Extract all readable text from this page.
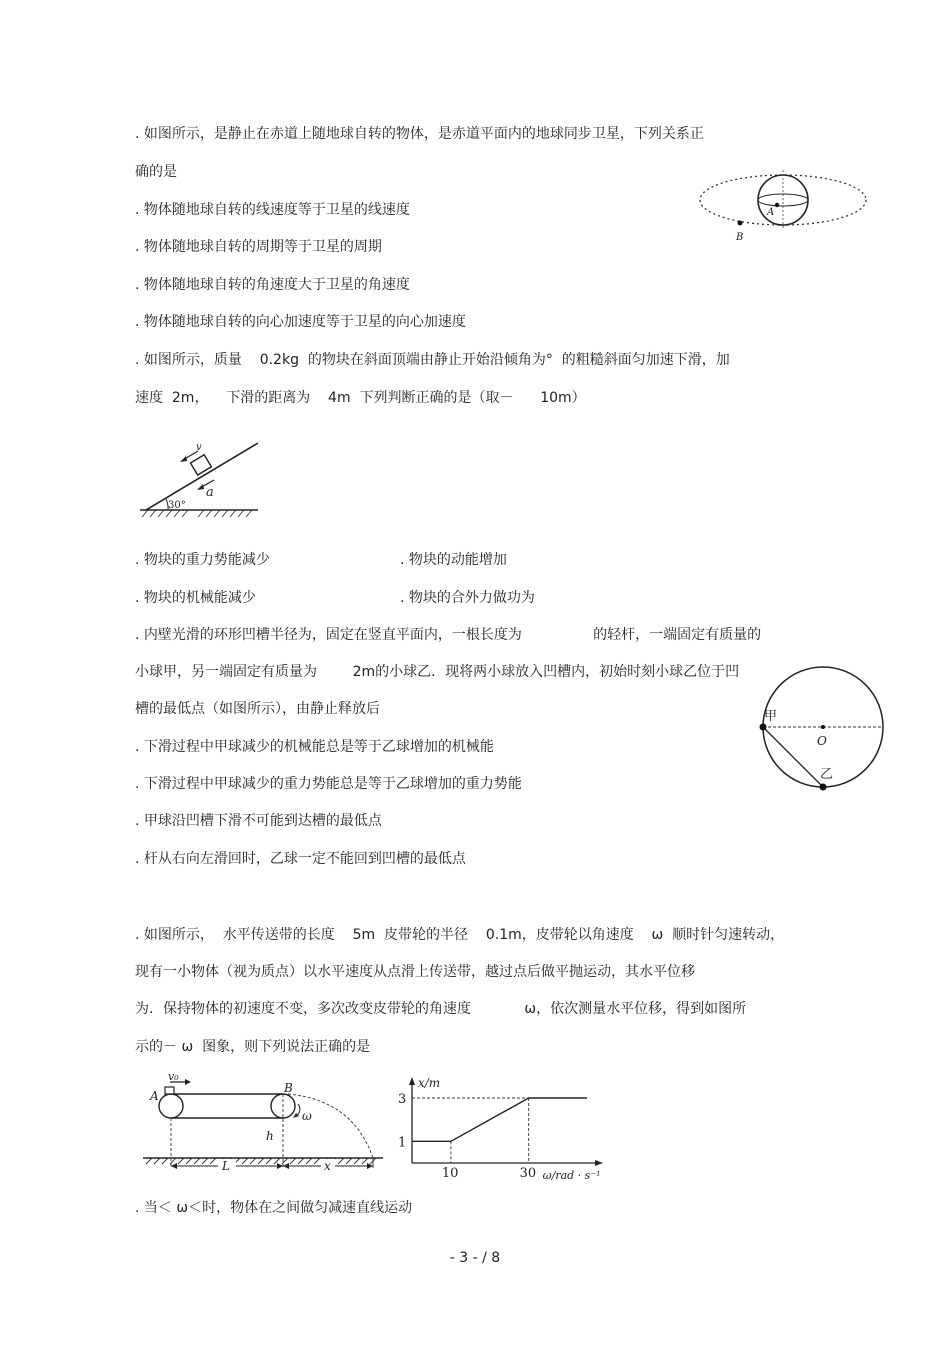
. 如图所示，是静止在赤道上随地球自转的物体，是赤道平面内的地球同步卫星，下列关系正
确的是
. 物体随地球自转的线速度等于卫星的线速度
. 物体随地球自转的周期等于卫星的周期
. 物体随地球自转的角速度大于卫星的角速度
. 物体随地球自转的向心加速度等于卫星的向心加速度
A
B
. 如图所示，质量    0.2kg  的物块在斜面顶端由静止开始沿倾角为°  的粗糙斜面匀加速下滑，加
速度  2m，    下滑的距离为    4m  下列判断正确的是（取－      10m）
30°
v
a
. 物块的重力势能减少	. 物块的动能增加
. 物块的机械能减少	. 物块的合外力做功为
. 内壁光滑的环形凹槽半径为，固定在竖直平面内，一根长度为                的轻杆，一端固定有质量的
小球甲，另一端固定有质量为        2m的小球乙．现将两小球放入凹槽内，初始时刻小球乙位于凹
槽的最低点（如图所示），由静止释放后
. 下滑过程中甲球减少的机械能总是等于乙球增加的机械能
. 下滑过程中甲球减少的重力势能总是等于乙球增加的重力势能
. 甲球沿凹槽下滑不可能到达槽的最低点
. 杆从右向左滑回时，乙球一定不能回到凹槽的最低点
甲
O
乙
. 如图所示，  水平传送带的长度    5m  皮带轮的半径    0.1m，皮带轮以角速度    ω  顺时针匀速转动，
现有一小物体（视为质点）以水平速度从点滑上传送带，越过点后做平抛运动，其水平位移
为．保持物体的初速度不变，多次改变皮带轮的角速度            ω，依次测量水平位移，得到如图所
示的－ ω  图象，则下列说法正确的是
v₀
A
B
ω
h
L	x	10	30
1
3
x/m
ω/rad · s⁻¹
. 当＜ ω＜时，物体在之间做匀减速直线运动
- 3 - / 8
